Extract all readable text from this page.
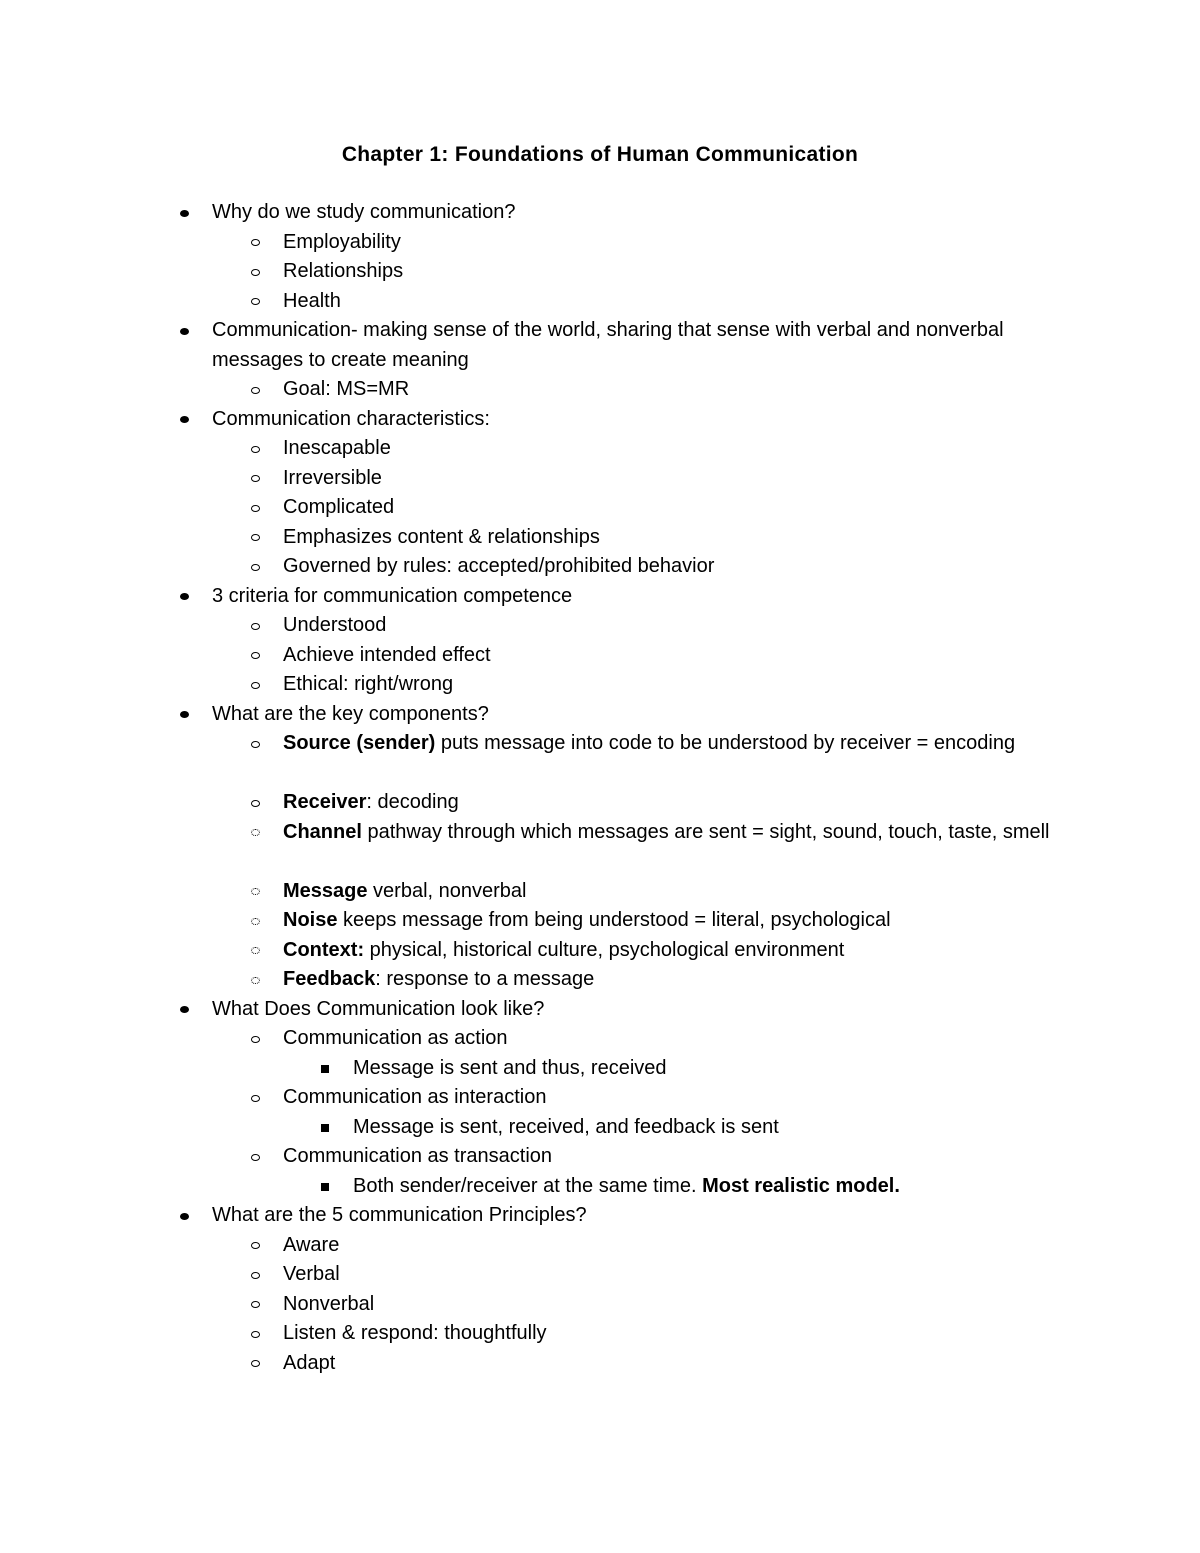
Chapter 1: Foundations of Human Communication
Why do we study communication?
Employability
Relationships
Health
Communication- making sense of the world, sharing that sense with verbal and nonverbal messages to create meaning
Goal: MS=MR
Communication characteristics:
Inescapable
Irreversible
Complicated
Emphasizes content & relationships
Governed by rules: accepted/prohibited behavior
3 criteria for communication competence
Understood
Achieve intended effect
Ethical: right/wrong
What are the key components?
Source (sender) puts message into code to be understood by receiver = encoding
Receiver: decoding
Channel pathway through which messages are sent = sight, sound, touch, taste, smell
Message verbal, nonverbal
Noise keeps message from being understood = literal, psychological
Context: physical, historical culture, psychological environment
Feedback: response to a message
What Does Communication look like?
Communication as action
Message is sent and thus, received
Communication as interaction
Message is sent, received, and feedback is sent
Communication as transaction
Both sender/receiver at the same time. Most realistic model.
What are the 5 communication Principles?
Aware
Verbal
Nonverbal
Listen & respond: thoughtfully
Adapt
